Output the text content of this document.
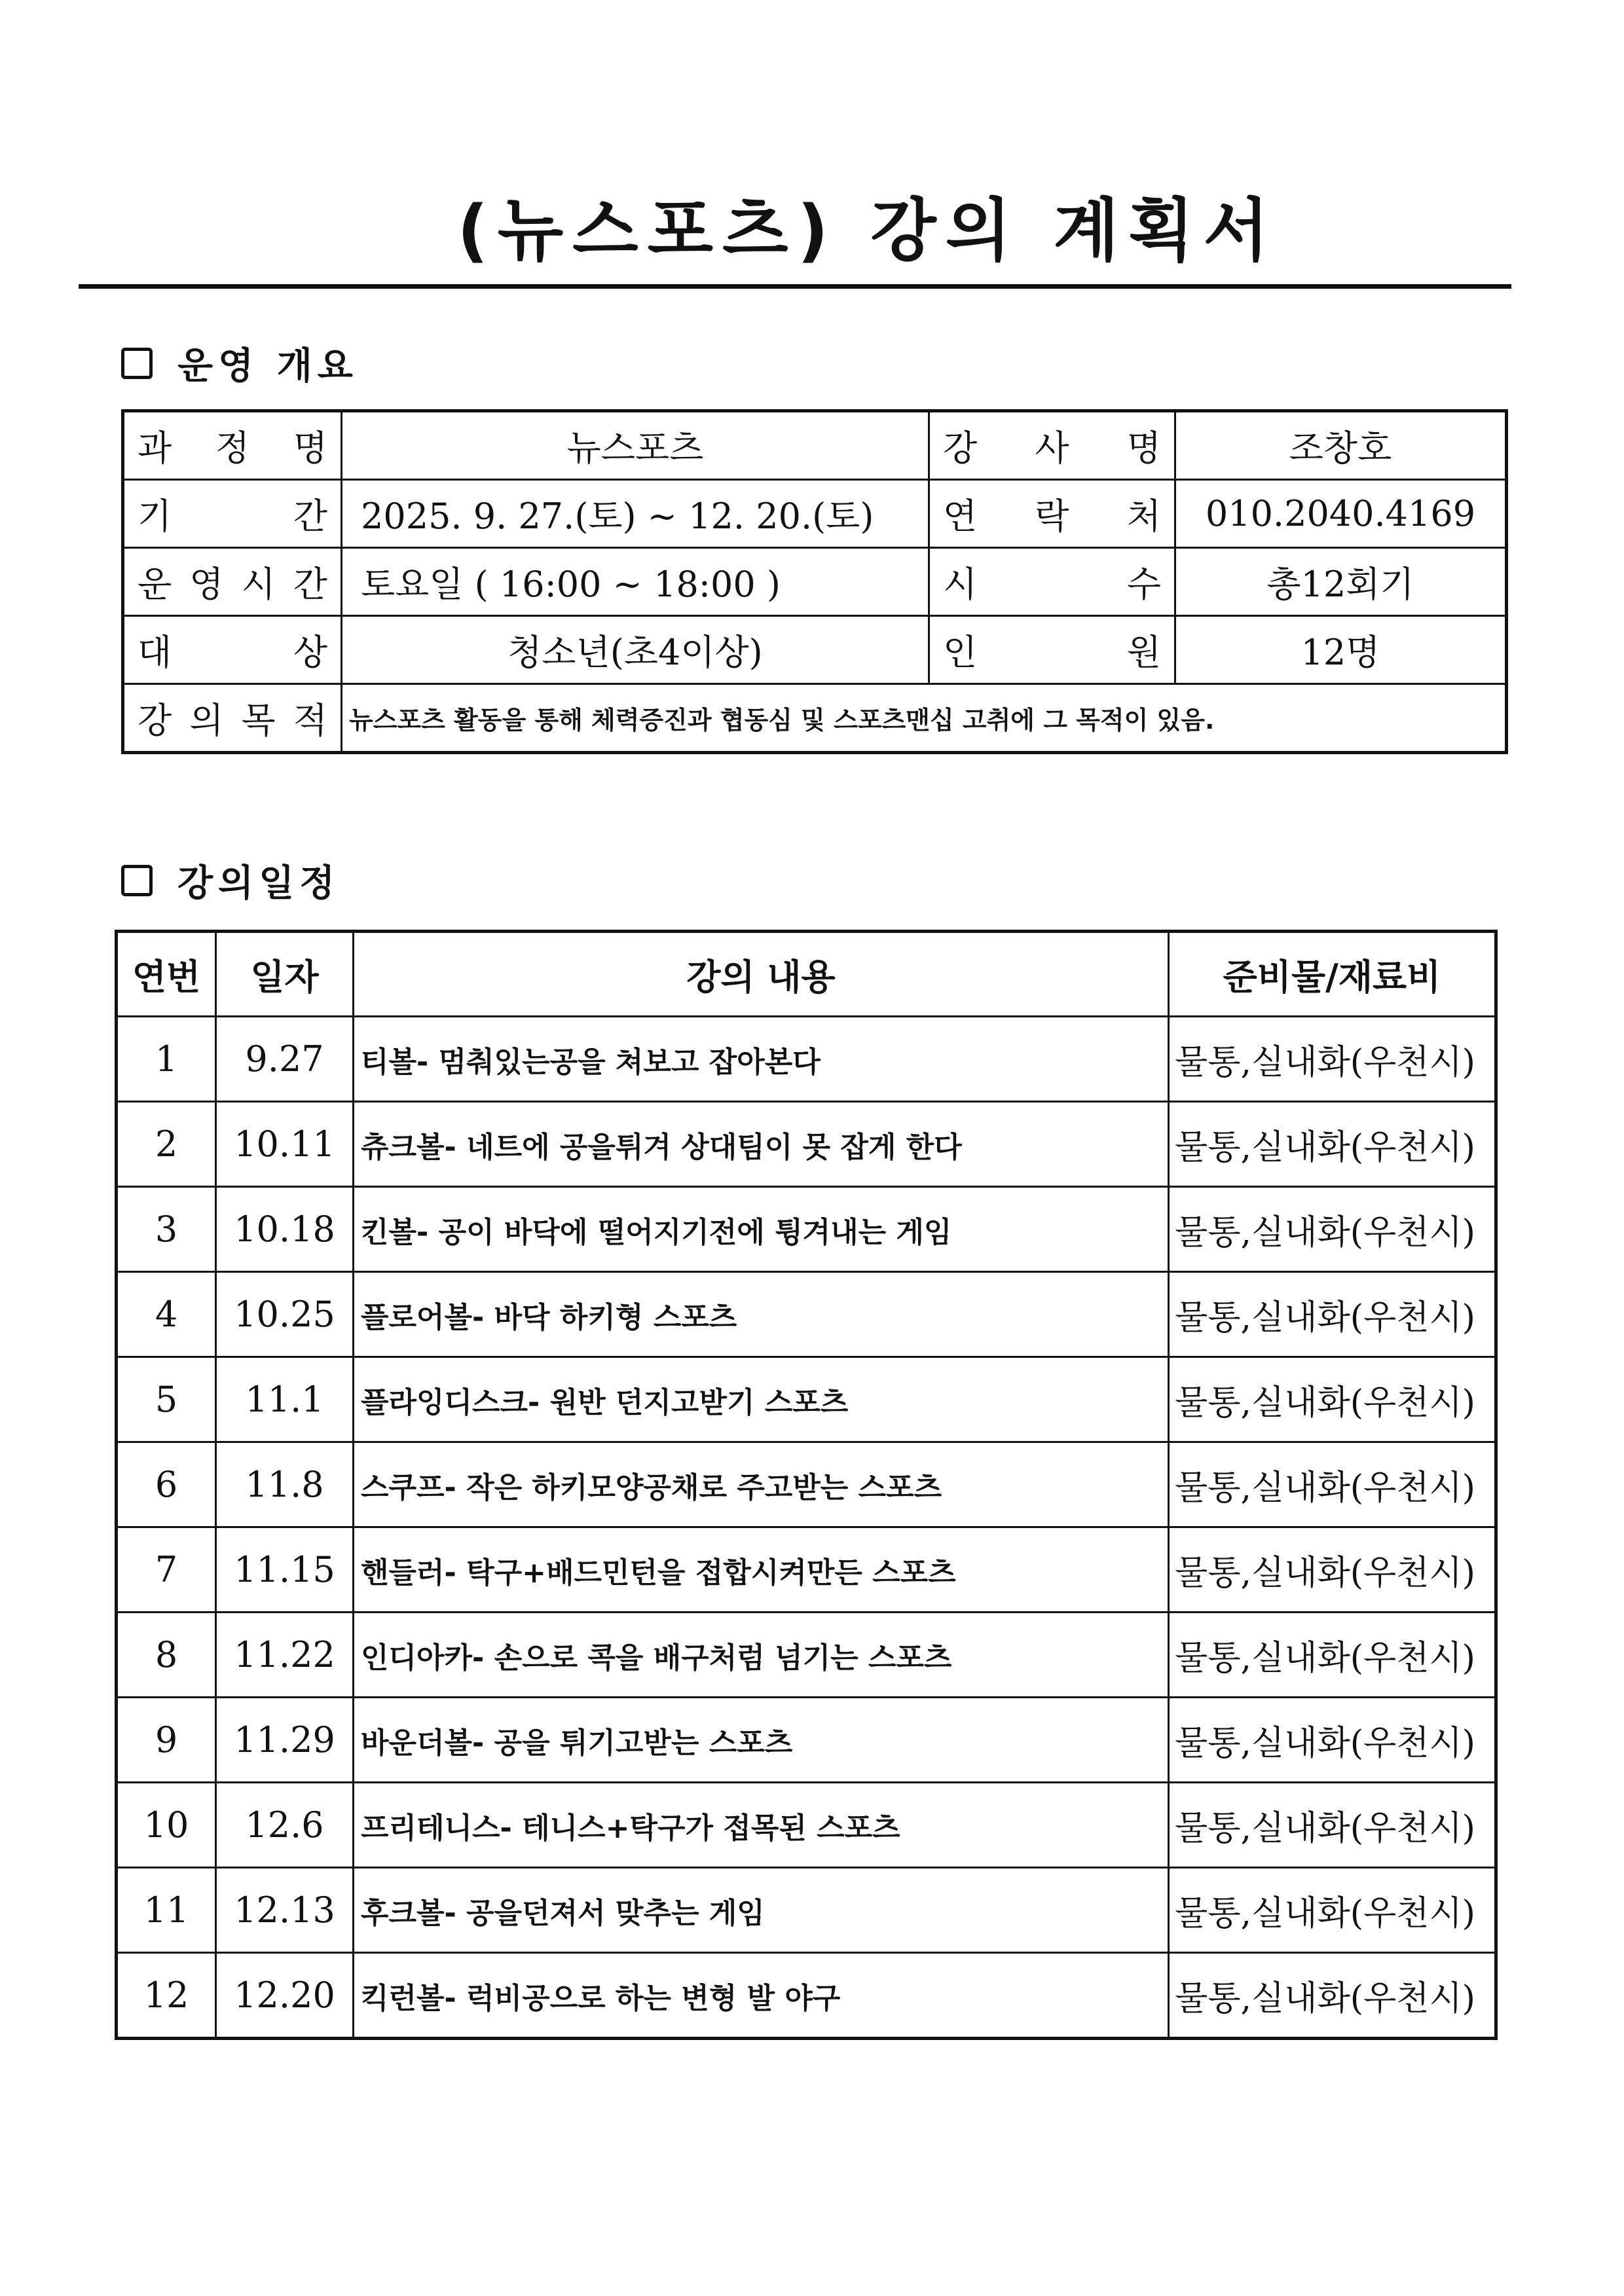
(뉴스포츠) 강의 계획서
운영 개요
과 정 명	뉴스포츠	강 사 명	조창호

기 간	2025. 9. 27.(토) ~ 12. 20.(토)	연 락 처	010.2040.4169

운 영 시 간	토요일 ( 16:00 ~ 18:00 )	시 수	총12회기

대 상	청소년(초4이상)	인 원	12명

강 의 목 적	뉴스포츠 활동을 통해 체력증진과 협동심 및 스포츠맨십 고취에 그 목적이 있음.		
강의일정
연번	일자	강의 내용	준비물/재료비
1	9.27	티볼- 멈춰있는공을 쳐보고 잡아본다	물통,실내화(우천시)
2	10.11	츄크볼- 네트에 공을튀겨 상대팀이 못 잡게 한다	물통,실내화(우천시)
3	10.18	킨볼- 공이 바닥에 떨어지기전에 튕겨내는 게임	물통,실내화(우천시)
4	10.25	플로어볼- 바닥 하키형 스포츠	물통,실내화(우천시)
5	11.1	플라잉디스크- 원반 던지고받기 스포츠	물통,실내화(우천시)
6	11.8	스쿠프- 작은 하키모양공채로 주고받는 스포츠	물통,실내화(우천시)
7	11.15	핸들러- 탁구+배드민턴을 접합시켜만든 스포츠	물통,실내화(우천시)
8	11.22	인디아카- 손으로 콕을 배구처럼 넘기는 스포츠	물통,실내화(우천시)
9	11.29	바운더볼- 공을 튀기고받는 스포츠	물통,실내화(우천시)
10	12.6	프리테니스- 테니스+탁구가 접목된 스포츠	물통,실내화(우천시)
11	12.13	후크볼- 공을던져서 맞추는 게임	물통,실내화(우천시)
12	12.20	킥런볼- 럭비공으로 하는 변형 발 야구	물통,실내화(우천시)
